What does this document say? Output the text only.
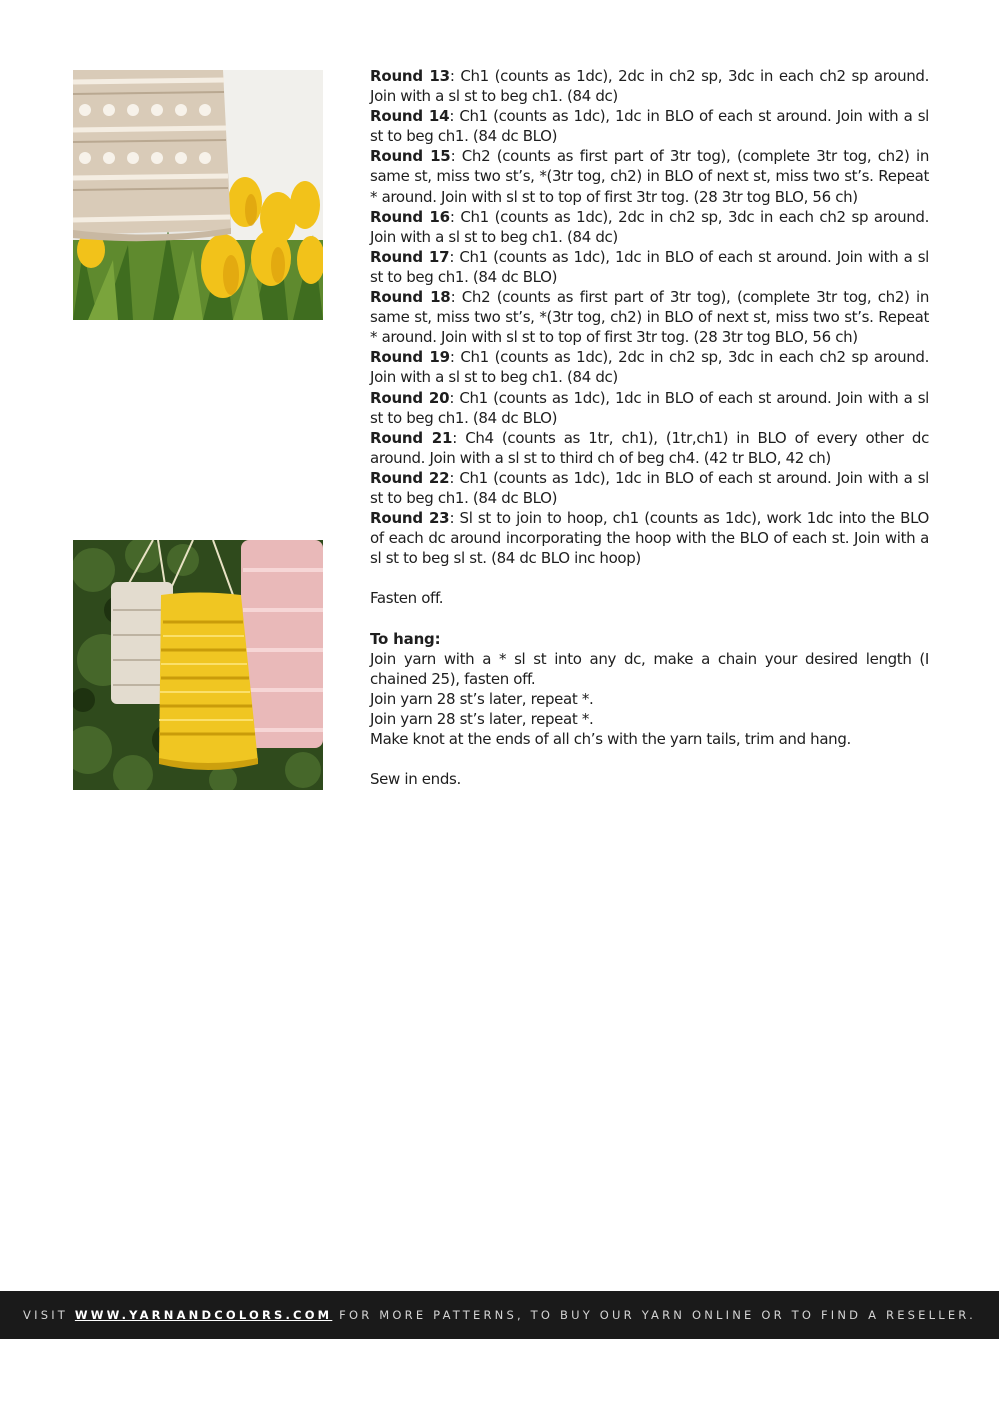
Round 13: Ch1 (counts as 1dc), 2dc in ch2 sp, 3dc in each ch2 sp around. Join with a sl st to beg ch1. (84 dc)

Round 14: Ch1 (counts as 1dc), 1dc in BLO of each st around. Join with a sl st to beg ch1. (84 dc BLO)

Round 15: Ch2 (counts as first part of 3tr tog), (complete 3tr tog, ch2) in same st, miss two st’s, *(3tr tog, ch2) in BLO of next st, miss two st’s. Repeat * around. Join with sl st to top of first 3tr tog. (28 3tr tog BLO, 56 ch)

Round 16: Ch1 (counts as 1dc), 2dc in ch2 sp, 3dc in each ch2 sp around. Join with a sl st to beg ch1. (84 dc)

Round 17: Ch1 (counts as 1dc), 1dc in BLO of each st around. Join with a sl st to beg ch1. (84 dc BLO)

Round 18: Ch2 (counts as first part of 3tr tog), (complete 3tr tog, ch2) in same st, miss two st’s, *(3tr tog, ch2) in BLO of next st, miss two st’s. Repeat * around. Join with sl st to top of first 3tr tog. (28 3tr tog BLO, 56 ch)

Round 19: Ch1 (counts as 1dc), 2dc in ch2 sp, 3dc in each ch2 sp around. Join with a sl st to beg ch1. (84 dc)

Round 20: Ch1 (counts as 1dc), 1dc in BLO of each st around. Join with a sl st to beg ch1. (84 dc BLO)

Round 21: Ch4 (counts as 1tr, ch1), (1tr,ch1) in BLO of every other dc around. Join with a sl st to third ch of beg ch4. (42 tr BLO, 42 ch)

Round 22: Ch1 (counts as 1dc), 1dc in BLO of each st around. Join with a sl st to beg ch1. (84 dc BLO)

Round 23: Sl st to join to hoop, ch1 (counts as 1dc), work 1dc into the BLO of each dc around incorporating the hoop with the BLO of each st. Join with a sl st to beg sl st. (84 dc BLO inc hoop)

Fasten off.

To hang:

Join yarn with a * sl st into any dc, make a chain your desired length (I chained 25), fasten off.

Join yarn 28 st’s later, repeat *.

Join yarn 28 st’s later, repeat *.

Make knot at the ends of all ch’s with the yarn tails, trim and hang.

Sew in ends.

VISIT WWW.YARNANDCOLORS.COM FOR MORE PATTERNS, TO BUY OUR YARN ONLINE OR TO FIND A RESELLER.
